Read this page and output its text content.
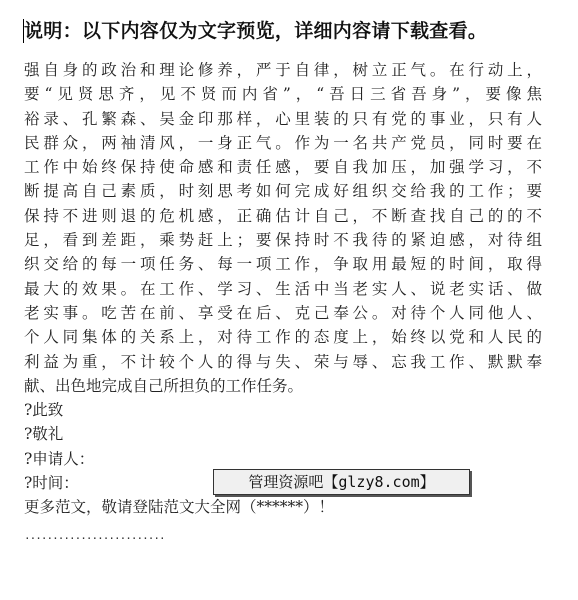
说明：以下内容仅为文字预览，详细内容请下载查看。
强自身的政治和理论修养，严于自律，树立正气。在行动上，
要“见贤思齐，见不贤而内省”，“吾日三省吾身”，要像焦
裕录、孔繁森、吴金印那样，心里装的只有党的事业，只有人
民群众，两袖清风，一身正气。作为一名共产党员，同时要在
工作中始终保持使命感和责任感，要自我加压，加强学习，不
断提高自己素质，时刻思考如何完成好组织交给我的工作；要
保持不进则退的危机感，正确估计自己，不断查找自己的的不
足，看到差距，乘势赶上；要保持时不我待的紧迫感，对待组
织交给的每一项任务、每一项工作，争取用最短的时间，取得
最大的效果。在工作、学习、生活中当老实人、说老实话、做
老实事。吃苦在前、享受在后、克己奉公。对待个人同他人、
个人同集体的关系上，对待工作的态度上，始终以党和人民的
利益为重，不计较个人的得与失、荣与辱、忘我工作、默默奉
献、出色地完成自己所担负的工作任务。
?此致
?敬礼
?申请人：
?时间：
更多范文，敬请登陆范文大全网（******）！
管理资源吧【glzy8.com】
·························
